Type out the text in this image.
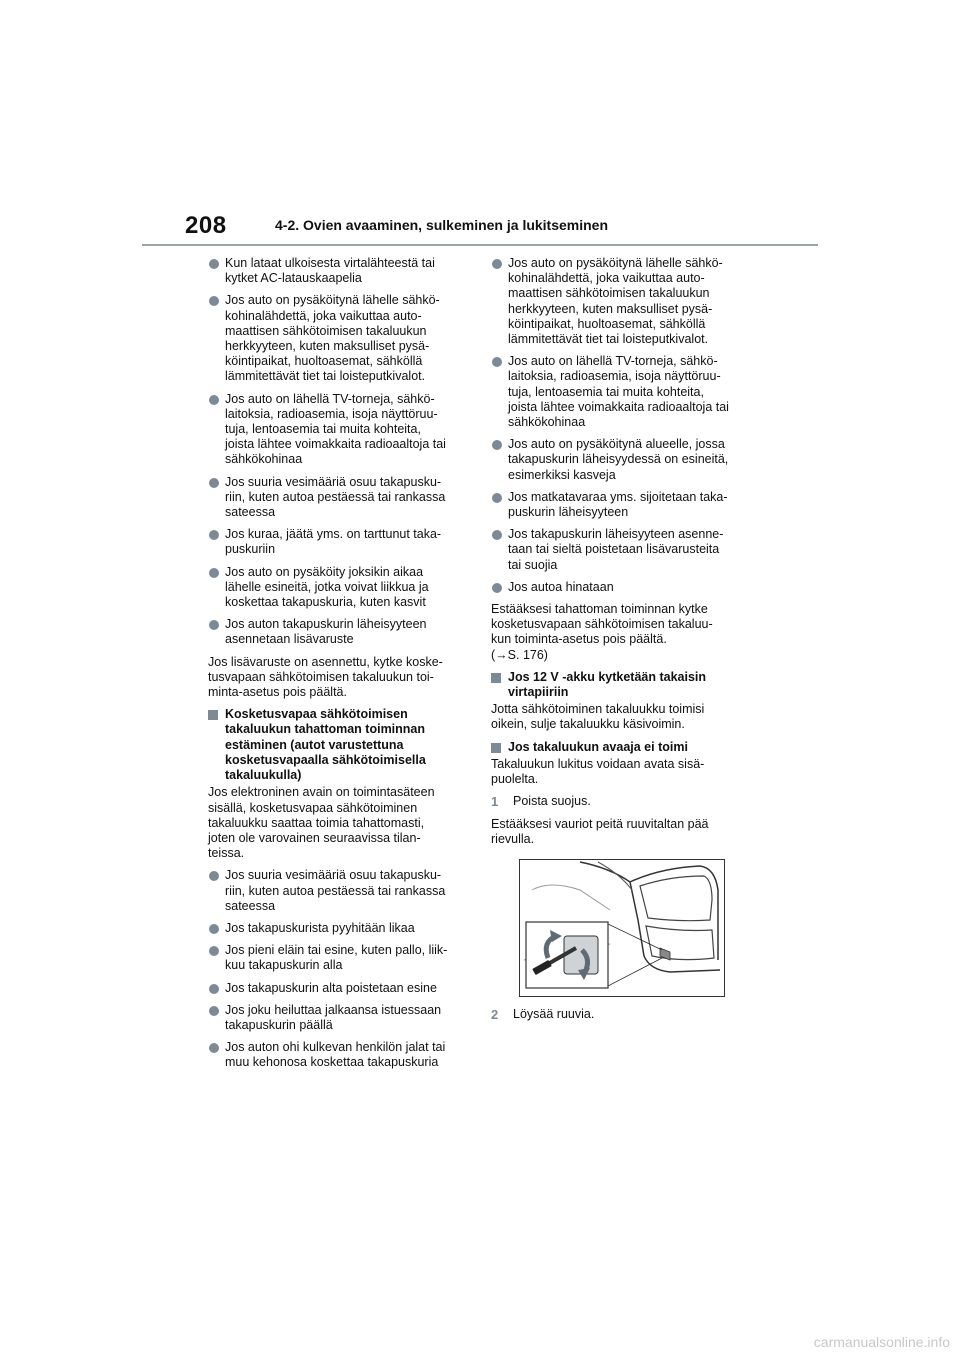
208	4-2. Ovien avaaminen, sulkeminen ja lukitseminen
Kun lataat ulkoisesta virtalähteestä tai
kytket AC-latauskaapelia
Jos auto on pysäköitynä lähelle sähkö-
kohinalähdettä, joka vaikuttaa auto-
maattisen sähkötoimisen takaluukun
herkkyyteen, kuten maksulliset pysä-
köintipaikat, huoltoasemat, sähköllä
lämmitettävät tiet tai loisteputkivalot.
Jos auto on lähellä TV-torneja, sähkö-
laitoksia, radioasemia, isoja näyttöruu-
tuja, lentoasemia tai muita kohteita,
joista lähtee voimakkaita radioaaltoja tai
sähkökohinaa
Jos suuria vesimääriä osuu takapusku-
riin, kuten autoa pestäessä tai rankassa
sateessa
Jos kuraa, jäätä yms. on tarttunut taka-
puskuriin
Jos auto on pysäköity joksikin aikaa
lähelle esineitä, jotka voivat liikkua ja
koskettaa takapuskuria, kuten kasvit
Jos auton takapuskurin läheisyyteen
asennetaan lisävaruste
Jos lisävaruste on asennettu, kytke koske-
tusvapaan sähkötoimisen takaluukun toi-
minta-asetus pois päältä.
Kosketusvapaa sähkötoimisen
takaluukun tahattoman toiminnan
estäminen (autot varustettuna
kosketusvapaalla sähkötoimisella
takaluukulla)
Jos elektroninen avain on toimintasäteen
sisällä, kosketusvapaa sähkötoiminen
takaluukku saattaa toimia tahattomasti,
joten ole varovainen seuraavissa tilan-
teissa.
Jos suuria vesimääriä osuu takapusku-
riin, kuten autoa pestäessä tai rankassa
sateessa
Jos takapuskurista pyyhitään likaa
Jos pieni eläin tai esine, kuten pallo, liik-
kuu takapuskurin alla
Jos takapuskurin alta poistetaan esine
Jos joku heiluttaa jalkaansa istuessaan
takapuskurin päällä
Jos auton ohi kulkevan henkilön jalat tai
muu kehonosa koskettaa takapuskuria
Jos auto on pysäköitynä lähelle sähkö-
kohinalähdettä, joka vaikuttaa auto-
maattisen sähkötoimisen takaluukun
herkkyyteen, kuten maksulliset pysä-
köintipaikat, huoltoasemat, sähköllä
lämmitettävät tiet tai loisteputkivalot.
Jos auto on lähellä TV-torneja, sähkö-
laitoksia, radioasemia, isoja näyttöruu-
tuja, lentoasemia tai muita kohteita,
joista lähtee voimakkaita radioaaltoja tai
sähkökohinaa
Jos auto on pysäköitynä alueelle, jossa
takapuskurin läheisyydessä on esineitä,
esimerkiksi kasveja
Jos matkatavaraa yms. sijoitetaan taka-
puskurin läheisyyteen
Jos takapuskurin läheisyyteen asenne-
taan tai sieltä poistetaan lisävarusteita
tai suojia
Jos autoa hinataan
Estääksesi tahattoman toiminnan kytke
kosketusvapaan sähkötoimisen takaluu-
kun toiminta-asetus pois päältä.
(→S. 176)
Jos 12 V -akku kytketään takaisin
virtapiiriin
Jotta sähkötoiminen takaluukku toimisi
oikein, sulje takaluukku käsivoimin.
Jos takaluukun avaaja ei toimi
Takaluukun lukitus voidaan avata sisä-
puolelta.
1 Poista suojus.
Estääksesi vauriot peitä ruuvitaltan pää
rievulla.
2 Löysää ruuvia.
carmanualsonline.info
